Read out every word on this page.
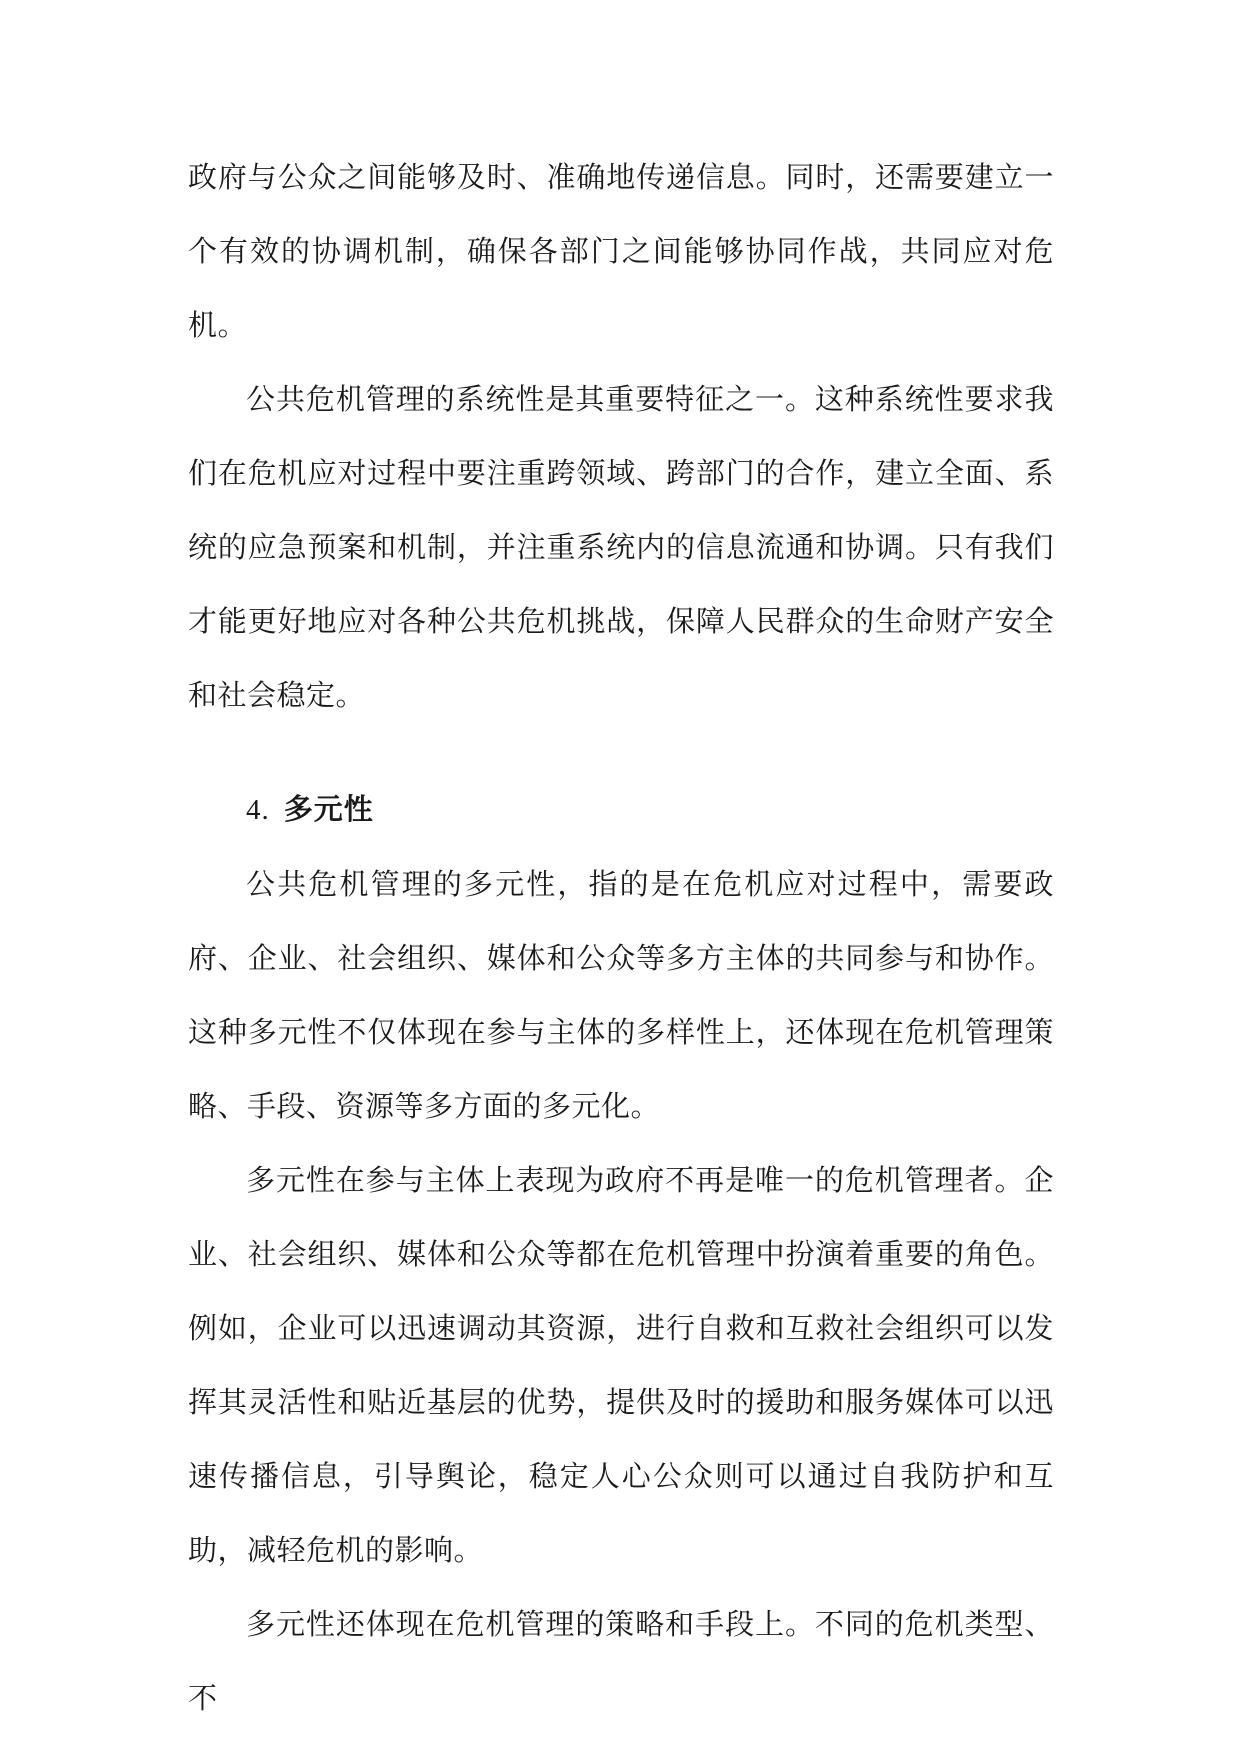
政府与公众之间能够及时、准确地传递信息。同时，还需要建立一个有效的协调机制，确保各部门之间能够协同作战，共同应对危机。

公共危机管理的系统性是其重要特征之一。这种系统性要求我们在危机应对过程中要注重跨领域、跨部门的合作，建立全面、系统的应急预案和机制，并注重系统内的信息流通和协调。只有我们才能更好地应对各种公共危机挑战，保障人民群众的生命财产安全和社会稳定。

4. 多元性

公共危机管理的多元性，指的是在危机应对过程中，需要政府、企业、社会组织、媒体和公众等多方主体的共同参与和协作。这种多元性不仅体现在参与主体的多样性上，还体现在危机管理策略、手段、资源等多方面的多元化。

多元性在参与主体上表现为政府不再是唯一的危机管理者。企业、社会组织、媒体和公众等都在危机管理中扮演着重要的角色。例如，企业可以迅速调动其资源，进行自救和互救社会组织可以发挥其灵活性和贴近基层的优势，提供及时的援助和服务媒体可以迅速传播信息，引导舆论，稳定人心公众则可以通过自我防护和互助，减轻危机的影响。

多元性还体现在危机管理的策略和手段上。不同的危机类型、不
